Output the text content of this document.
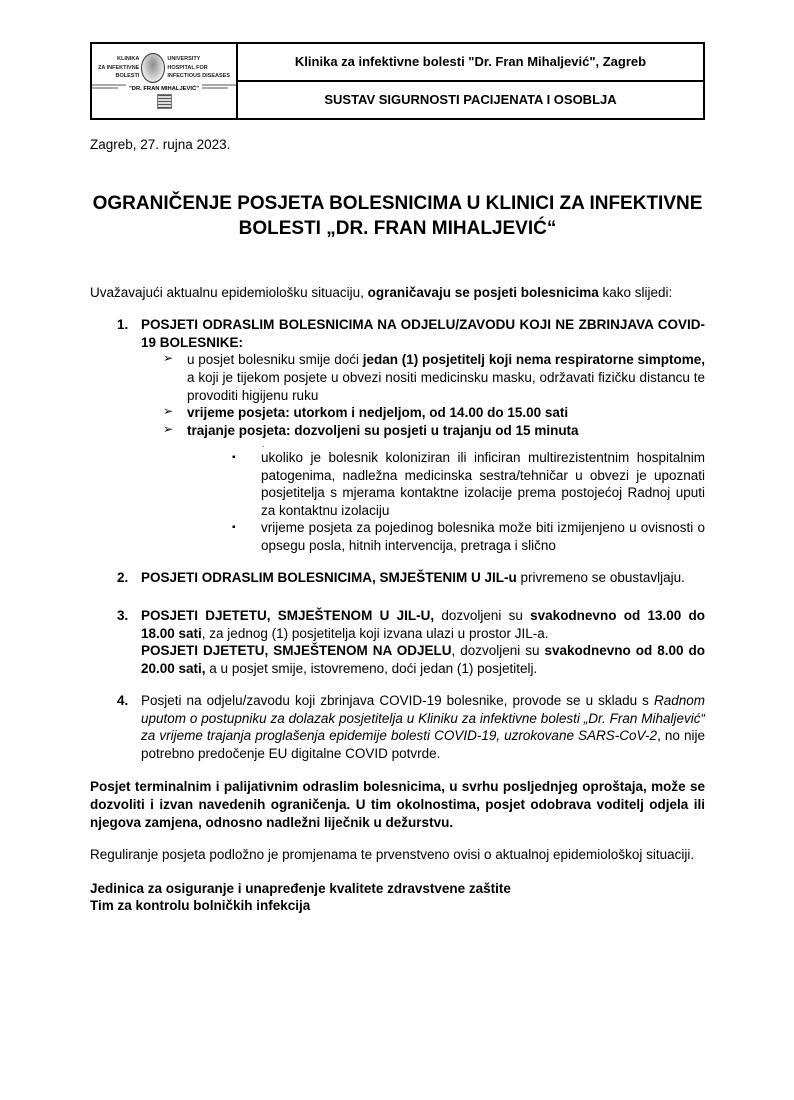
KLINIKA
ZA INFEKTIVNE
BOLESTI
UNIVERSITY
HOSPITAL FOR
INFECTIOUS DISEASES
"DR. FRAN MIHALJEVIĆ"
Klinika za infektivne bolesti "Dr. Fran Mihaljević", Zagreb
SUSTAV SIGURNOSTI PACIJENATA I OSOBLJA

Zagreb, 27. rujna 2023.

OGRANIČENJE POSJETA BOLESNICIMA U KLINICI ZA INFEKTIVNE BOLESTI „DR. FRAN MIHALJEVIĆ“

Uvažavajući aktualnu epidemiološku situaciju, ograničavaju se posjeti bolesnicima kako slijedi:

1. POSJETI ODRASLIM BOLESNICIMA NA ODJELU/ZAVODU KOJI NE ZBRINJAVA COVID-19 BOLESNIKE:
➢	u posjet bolesniku smije doći jedan (1) posjetitelj koji nema respiratorne simptome, a koji je tijekom posjete u obvezi nositi medicinsku masku, održavati fizičku distancu te provoditi higijenu ruku
➢	vrijeme posjeta: utorkom i nedjeljom, od 14.00 do 15.00 sati
➢	trajanje posjeta: dozvoljeni su posjeti u trajanju od 15 minuta
.
▪	ukoliko je bolesnik koloniziran ili inficiran multirezistentnim hospitalnim patogenima, nadležna medicinska sestra/tehničar u obvezi je upoznati posjetitelja s mjerama kontaktne izolacije prema postojećoj Radnoj uputi za kontaktnu izolaciju
▪	vrijeme posjeta za pojedinog bolesnika može biti izmijenjeno u ovisnosti o opsegu posla, hitnih intervencija, pretraga i slično
2. POSJETI ODRASLIM BOLESNICIMA, SMJEŠTENIM U JIL-u privremeno se obustavljaju.
3. POSJETI DJETETU, SMJEŠTENOM U JIL-U, dozvoljeni su svakodnevno od 13.00 do 18.00 sati, za jednog (1) posjetitelja koji izvana ulazi u prostor JIL-a.
POSJETI DJETETU, SMJEŠTENOM NA ODJELU, dozvoljeni su svakodnevno od 8.00 do 20.00 sati, a u posjet smije, istovremeno, doći jedan (1) posjetitelj.
4. Posjeti na odjelu/zavodu koji zbrinjava COVID-19 bolesnike, provode se u skladu s Radnom uputom o postupniku za dolazak posjetitelja u Kliniku za infektivne bolesti „Dr. Fran Mihaljević“ za vrijeme trajanja proglašenja epidemije bolesti COVID-19, uzrokovane SARS-CoV-2, no nije potrebno predočenje EU digitalne COVID potvrde.

Posjet terminalnim i palijativnim odraslim bolesnicima, u svrhu posljednjeg oproštaja, može se dozvoliti i izvan navedenih ograničenja. U tim okolnostima, posjet odobrava voditelj odjela ili njegova zamjena, odnosno nadležni liječnik u dežurstvu.

Reguliranje posjeta podložno je promjenama te prvenstveno ovisi o aktualnoj epidemiološkoj situaciji.

Jedinica za osiguranje i unapređenje kvalitete zdravstvene zaštite

Tim za kontrolu bolničkih infekcija
